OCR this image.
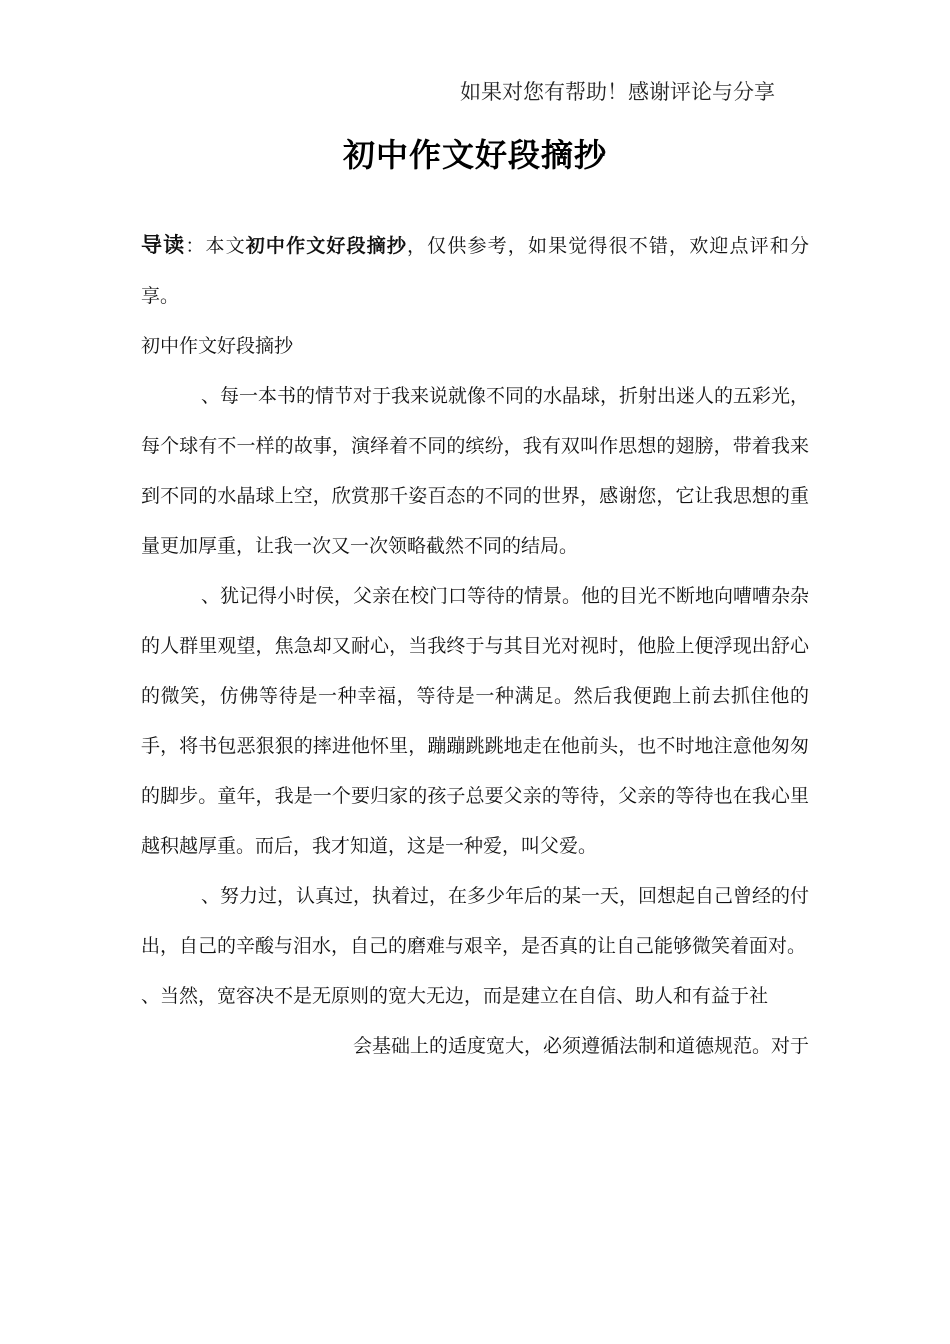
如果对您有帮助！感谢评论与分享
初中作文好段摘抄

导读：本文初中作文好段摘抄，仅供参考，如果觉得很不错，欢迎点评和分享。

初中作文好段摘抄

、每一本书的情节对于我来说就像不同的水晶球，折射出迷人的五彩光，每个球有不一样的故事，演绎着不同的缤纷，我有双叫作思想的翅膀，带着我来到不同的水晶球上空，欣赏那千姿百态的不同的世界，感谢您，它让我思想的重量更加厚重，让我一次又一次领略截然不同的结局。

、犹记得小时侯，父亲在校门口等待的情景。他的目光不断地向嘈嘈杂杂的人群里观望，焦急却又耐心，当我终于与其目光对视时，他脸上便浮现出舒心的微笑，仿佛等待是一种幸福，等待是一种满足。然后我便跑上前去抓住他的手，将书包恶狠狠的摔进他怀里，蹦蹦跳跳地走在他前头，也不时地注意他匆匆的脚步。童年，我是一个要归家的孩子总要父亲的等待，父亲的等待也在我心里越积越厚重。而后，我才知道，这是一种爱，叫父爱。

、努力过，认真过，执着过，在多少年后的某一天，回想起自己曾经的付出，自己的辛酸与泪水，自己的磨难与艰辛，是否真的让自己能够微笑着面对。

、当然，宽容决不是无原则的宽大无边，而是建立在自信、助人和有益于社

会基础上的适度宽大，必须遵循法制和道德规范。对于
